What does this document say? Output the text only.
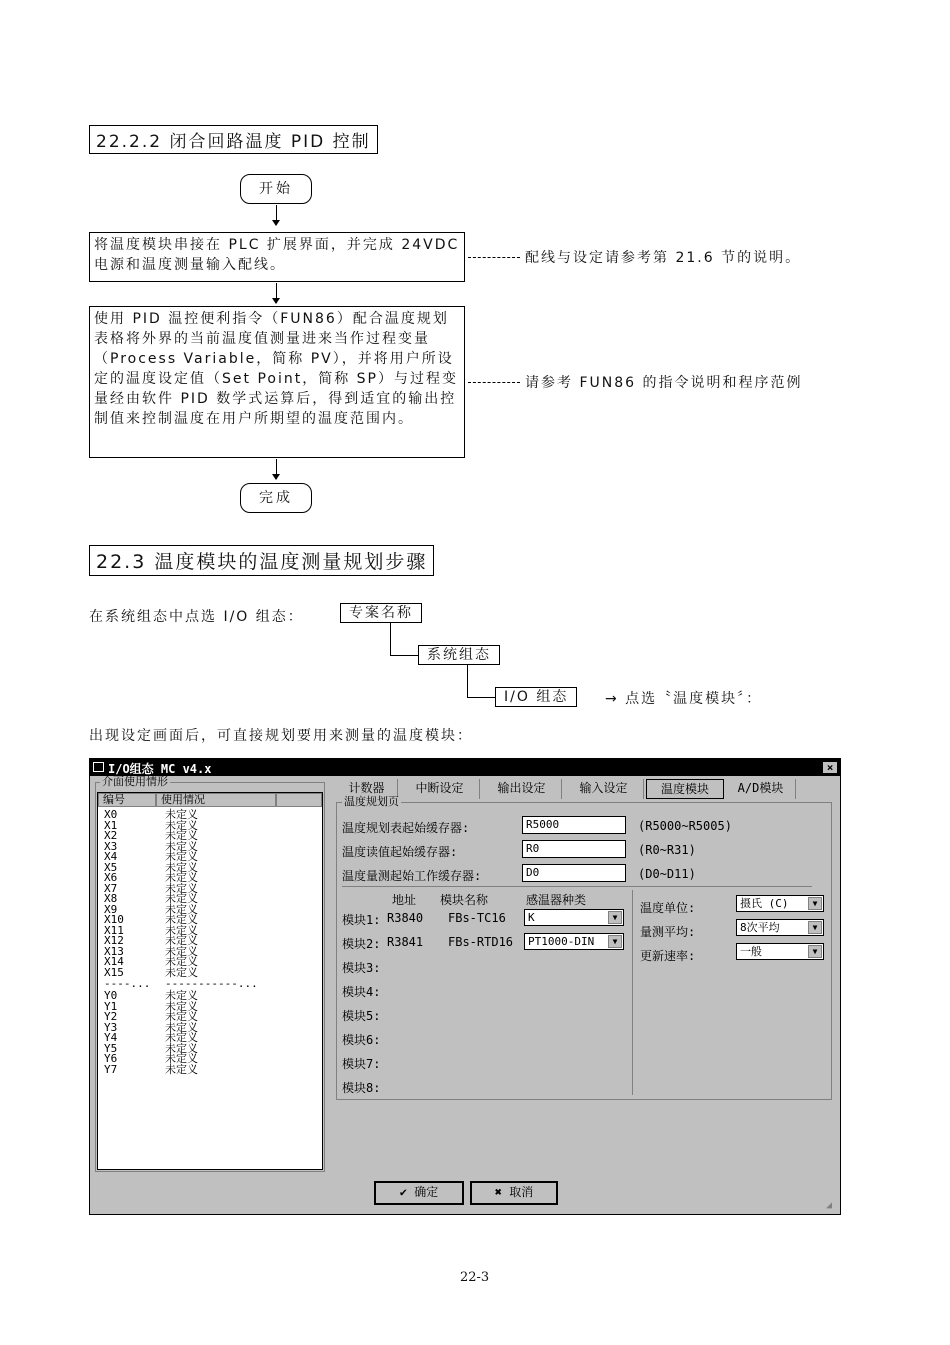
22.2.2 闭合回路温度 PID 控制
开始
将温度模块串接在 PLC 扩展界面，并完成 24VDC 电源和温度测量输入配线。	配线与设定请参考第 21.6 节的说明。
使用 PID 温控便利指令（FUN86）配合温度规划表格将外界的当前温度值测量进来当作过程变量（Process Variable，简称 PV），并将用户所设定的温度设定值（Set Point，简称 SP）与过程变量经由软件 PID 数学式运算后，得到适宜的输出控制值来控制温度在用户所期望的温度范围内。
请参考 FUN86 的指令说明和程序范例
完成
22.3 温度模块的温度测量规划步骤
在系统组态中点选 I/O 组态：	专案名称
系统组态
I/O 组态	→ 点选〝温度模块〞：
出现设定画面后，可直接规划要用来测量的温度模块：
I/O组态 MC v4.x	×
介面使用情形
编号	使用情况
X0	未定义
X1	未定义
X2	未定义
X3	未定义
X4	未定义
X5	未定义
X6	未定义
X7	未定义
X8	未定义
X9	未定义
X10	未定义
X11	未定义
X12	未定义
X13	未定义
X14	未定义
X15	未定义
----... -----------...
Y0	未定义
Y1	未定义
Y2	未定义
Y3	未定义
Y4	未定义
Y5	未定义
Y6	未定义
Y7	未定义
计数器	中断设定	输出设定	输入设定	温度模块	A/D模块
温度规划页
温度规划表起始缓存器:	R5000	(R5000~R5005)
温度读值起始缓存器:	R0	(R0~R31)
温度量测起始工作缓存器:	D0	(D0~D11)
地址 模块名称	感温器种类
模块1: R3840 FBs-TC16	K	▼
模块2: R3841 FBs-RTD16	PT1000-DIN	▼
模块3:
模块4:
模块5:
模块6:
模块7:
模块8:
温度单位:	摄氏 (C)	▼
量测平均:	8次平均	▼
更新速率:	一般	▼
✔ 确定	✖ 取消
◢
22-3
